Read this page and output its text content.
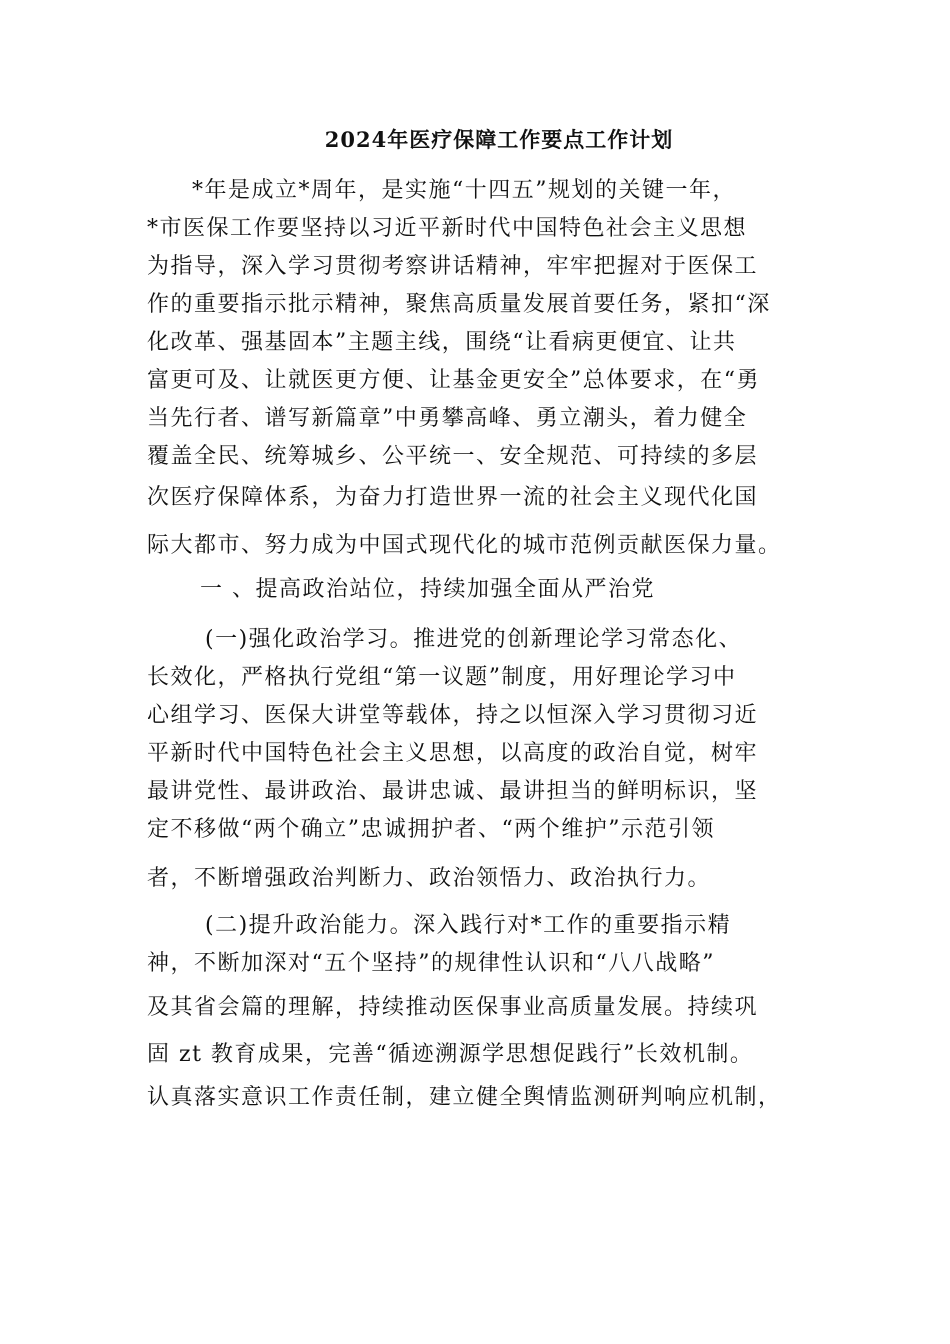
2024年医疗保障工作要点工作计划
*年是成立*周年，是实施“十四五”规划的关键一年，
*市医保工作要坚持以习近平新时代中国特色社会主义思想
为指导，深入学习贯彻考察讲话精神，牢牢把握对于医保工
作的重要指示批示精神，聚焦高质量发展首要任务，紧扣“深
化改革、强基固本”主题主线，围绕“让看病更便宜、让共
富更可及、让就医更方便、让基金更安全”总体要求，在“勇
当先行者、谱写新篇章”中勇攀高峰、勇立潮头，着力健全
覆盖全民、统筹城乡、公平统一、安全规范、可持续的多层
次医疗保障体系，为奋力打造世界一流的社会主义现代化国
际大都市、努力成为中国式现代化的城市范例贡献医保力量。
一 、提高政治站位，持续加强全面从严治党
(一)强化政治学习。推进党的创新理论学习常态化、
长效化，严格执行党组“第一议题”制度，用好理论学习中
心组学习、医保大讲堂等载体，持之以恒深入学习贯彻习近
平新时代中国特色社会主义思想，以高度的政治自觉，树牢
最讲党性、最讲政治、最讲忠诚、最讲担当的鲜明标识，坚
定不移做“两个确立”忠诚拥护者、“两个维护”示范引领
者，不断增强政治判断力、政治领悟力、政治执行力。
(二)提升政治能力。深入践行对*工作的重要指示精
神，不断加深对“五个坚持”的规律性认识和“八八战略”
及其省会篇的理解，持续推动医保事业高质量发展。持续巩
固 zt 教育成果，完善“循迹溯源学思想促践行”长效机制。
认真落实意识工作责任制，建立健全舆情监测研判响应机制，
